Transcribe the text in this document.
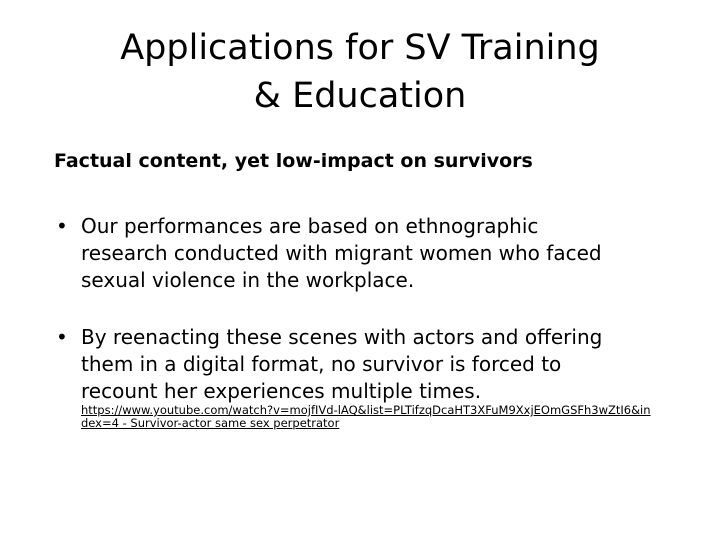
Applications for SV Training
& Education
Factual content, yet low-impact on survivors
• Our performances are based on ethnographic
research conducted with migrant women who faced
sexual violence in the workplace.
• By reenacting these scenes with actors and offering
them in a digital format, no survivor is forced to
recount her experiences multiple times.
https://www.youtube.com/watch?v=mojfIVd-lAQ&list=PLTifzqDcaHT3XFuM9XxjEOmGSFh3wZtI6&index=4 - Survivor-actor same sex perpetrator
